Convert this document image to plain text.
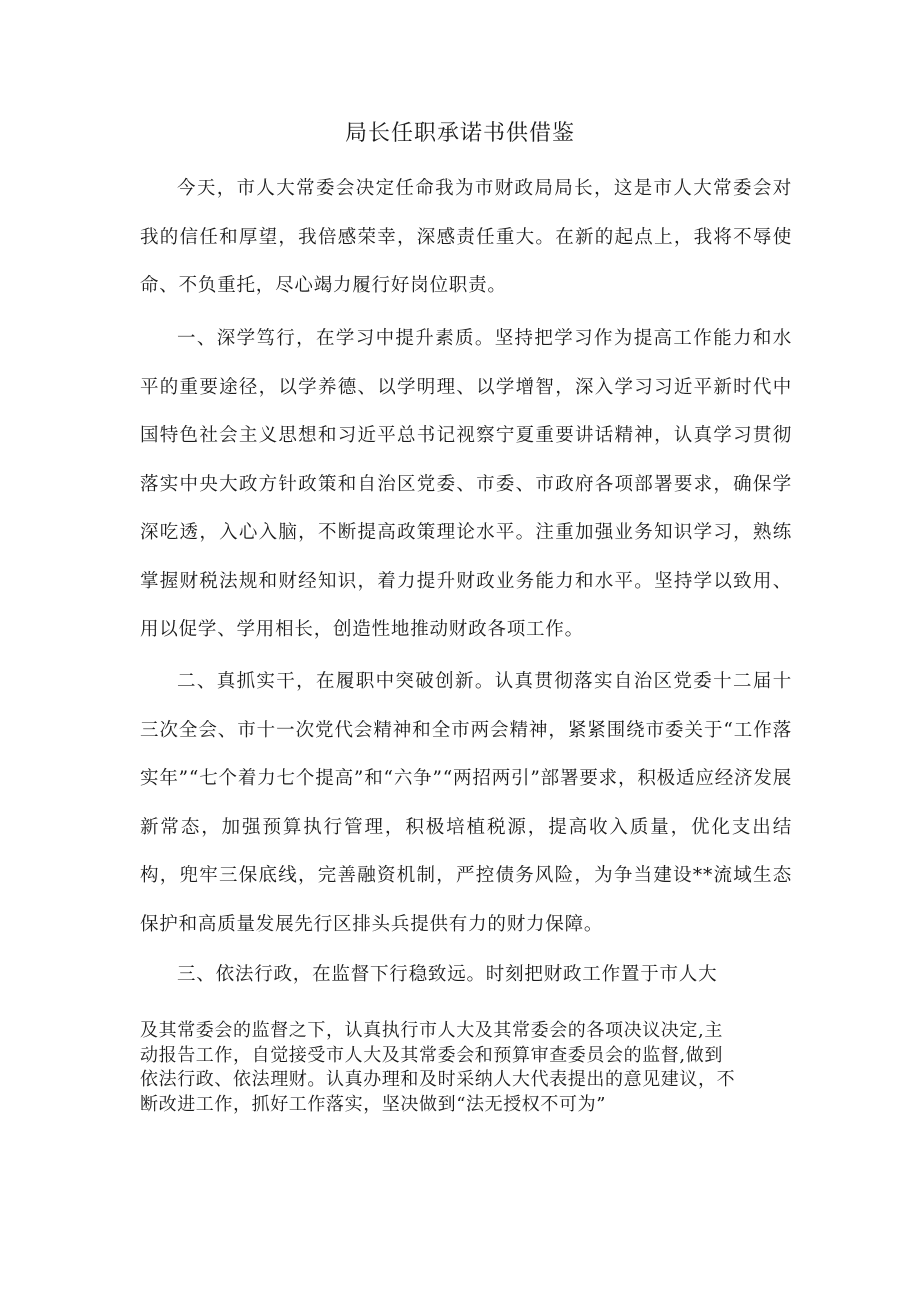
局长任职承诺书供借鉴

今天，市人大常委会决定任命我为市财政局局长，这是市人大常委会对我的信任和厚望，我倍感荣幸，深感责任重大。在新的起点上，我将不辱使命、不负重托，尽心竭力履行好岗位职责。

一、深学笃行，在学习中提升素质。坚持把学习作为提高工作能力和水平的重要途径，以学养德、以学明理、以学增智，深入学习习近平新时代中国特色社会主义思想和习近平总书记视察宁夏重要讲话精神，认真学习贯彻落实中央大政方针政策和自治区党委、市委、市政府各项部署要求，确保学深吃透，入心入脑，不断提高政策理论水平。注重加强业务知识学习，熟练掌握财税法规和财经知识，着力提升财政业务能力和水平。坚持学以致用、用以促学、学用相长，创造性地推动财政各项工作。

二、真抓实干，在履职中突破创新。认真贯彻落实自治区党委十二届十三次全会、市十一次党代会精神和全市两会精神，紧紧围绕市委关于“工作落实年”“七个着力七个提高”和“六争”“两招两引”部署要求，积极适应经济发展新常态，加强预算执行管理，积极培植税源，提高收入质量，优化支出结构，兜牢三保底线，完善融资机制，严控债务风险，为争当建设**流域生态保护和高质量发展先行区排头兵提供有力的财力保障。

三、依法行政，在监督下行稳致远。时刻把财政工作置于市人大

及其常委会的监督之下，认真执行市人大及其常委会的各项决议决定,主
动报告工作，自觉接受市人大及其常委会和预算审查委员会的监督,做到
依法行政、依法理财。认真办理和及时采纳人大代表提出的意见建议，不
断改进工作，抓好工作落实，坚决做到“法无授权不可为”
